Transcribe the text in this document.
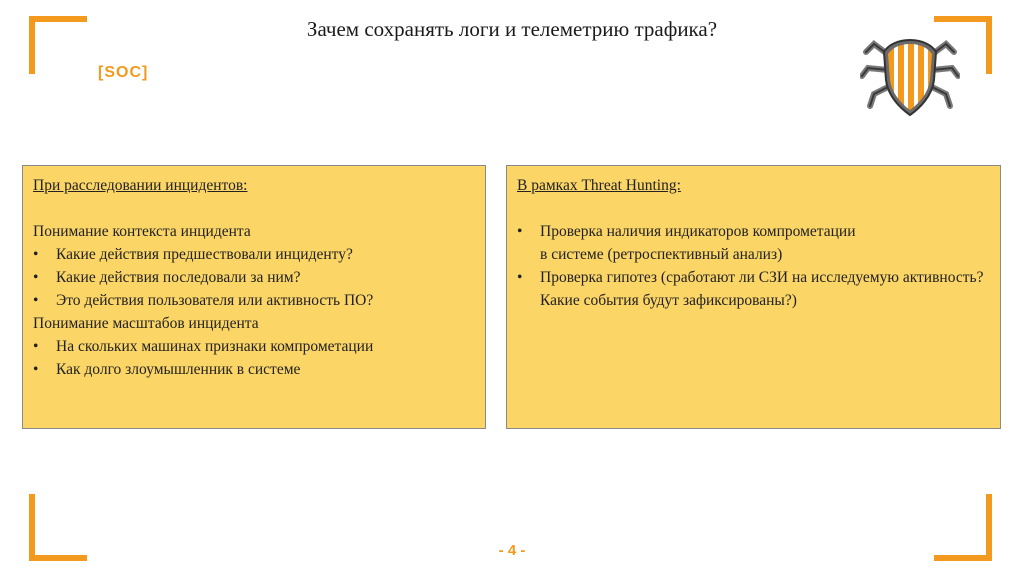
Зачем сохранять логи и телеметрию трафика?
[SOC]
При расследовании инцидентов:
Понимание контекста инцидента
• Какие действия предшествовали инциденту?
• Какие действия последовали за ним?
• Это действия пользователя или активность ПО?
Понимание масштабов инцидента
• На скольких машинах признаки компрометации
• Как долго злоумышленник в системе
В рамках Threat Hunting:
• Проверка наличия индикаторов компрометации
в системе (ретроспективный анализ)
• Проверка гипотез (сработают ли СЗИ на исследуемую активность? Какие события будут зафиксированы?)
- 4 -
